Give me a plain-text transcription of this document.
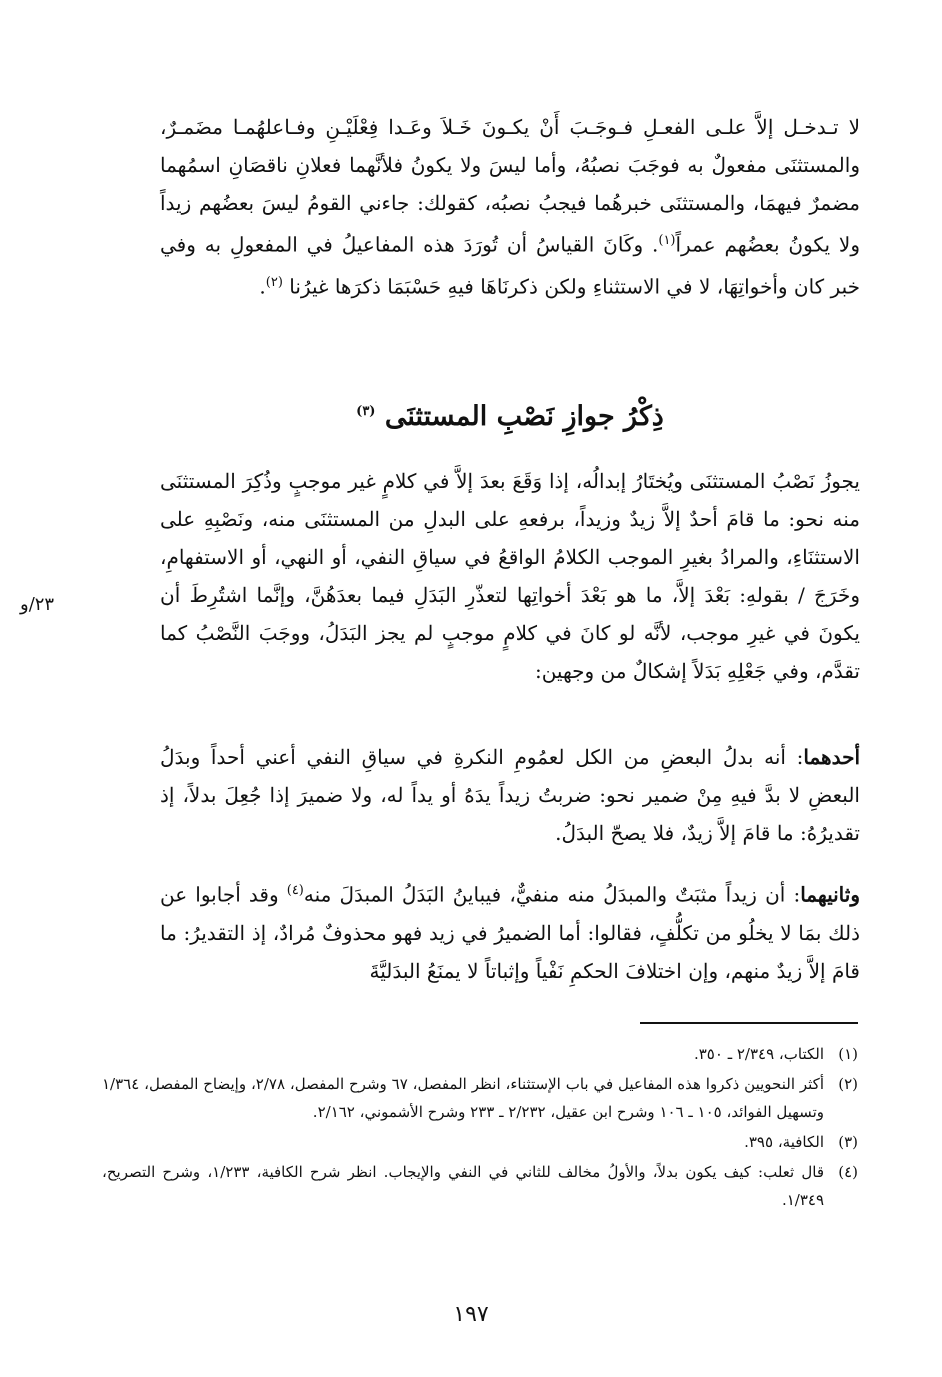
لا تـدخـل إلاَّ علـى الفعـلِ فـوجَـبَ أَنْ يكـونَ خَـلاَ وعَـدا فِعْلَيْـنِ وفـاعلهُمـا مضَمـرٌ، والمستثنَى مفعولٌ به فوجَبَ نصبُهُ، وأما ليسَ ولا يكونُ فلأنَّهما فعلانِ ناقصَانِ اسمُهما مضمرٌ فيهمَا، والمستثنَى خبرهُما فيجبُ نصبُه، كقولك: جاءني القومُ ليسَ بعضُهم زيداً ولا يكونُ بعضُهم عمراً$^{(١)}$. وكَانَ القياسُ أن تُورَدَ هذه المفاعيلُ في المفعولِ به وفي خبر كان وأخواتِهَا، لا في الاستثناءِ ولكن ذكرنَاهَا فيهِ حَسْبَمَا ذكرَها غيرُنا $^{(٢)}$.

ذِكْرُ جوازِ نَصْبِ المستثنَى $^{(٣)}$

يجوزُ نَصْبُ المستثنَى ويُختَارُ إبدالُه، إذا وَقَعَ بعدَ إلاَّ في كلامٍ غير موجبٍ وذُكِرَ المستثنَى منه نحو: ما قامَ أحدٌ إلاَّ زيدٌ وزيداً، برفعهِ على البدلِ من المستثنَى منه، ونَصْبِهِ على الاستثنَاءِ، والمرادُ بغيرِ الموجب الكلامُ الواقعُ في سياقِ النفي، أو النهي، أو الاستفهامِ، وخَرَجَ / بقولهِ: بَعْدَ إلاَّ، ما هو بَعْدَ أخواتِها لتعذّرِ البَدَلِ فيما بعدَهُنَّ، وإنَّما اشتُرِطَ أن يكونَ في غيرِ موجب، لأنَّه لو كانَ في كلامٍ موجبٍ لم يجز البَدَلُ، ووجَبَ النَّصْبُ كما تقدَّم، وفي جَعْلِهِ بَدَلاً إشكالٌ من وجهين:

٢٣/و

أحدهما: أنه بدلُ البعضِ من الكل لعمُومِ النكرةِ في سياقِ النفي أعني أحداً وبدَلُ البعضِ لا بدَّ فيهِ مِنْ ضمير نحو: ضربتُ زيداً يدَهُ أو يداً له، ولا ضميرَ إذا جُعِلَ بدلاً، إذ تقديرُهُ: ما قامَ إلاَّ زيدٌ، فلا يصحّ البدَلُ.

وثانيهما: أن زيداً مثبَتٌ والمبدَلُ منه منفيٌّ، فيباينُ البَدَلُ المبدَلَ منه$^{(٤)}$ وقد أجابوا عن ذلك بمَا لا يخلُو من تكلُّفٍ، فقالوا: أما الضميرُ في زيد فهو محذوفٌ مُرادٌ، إذ التقديرُ: ما قامَ إلاَّ زيدٌ منهم، وإن اختلافَ الحكمِ نَفْياً وإثباتاً لا يمنَعُ البدَليَّةَ

(١)
الكتاب، ٢/٣٤٩ ـ ٣٥٠.
(٢)
أكثر النحويين ذكروا هذه المفاعيل في باب الإستثناء، انظر المفصل، ٦٧ وشرح المفصل، ٢/٧٨، وإيضاح المفصل، ١/٣٦٤ وتسهيل الفوائد، ١٠٥ ـ ١٠٦ وشرح ابن عقيل، ٢/٢٣٢ ـ ٢٣٣ وشرح الأشموني، ٢/١٦٢.
(٣)
الكافية، ٣٩٥.
(٤)
قال ثعلب: كيف يكون بدلاً، والأولُ مخالف للثاني في النفي والإيجاب. انظر شرح الكافية، ١/٢٣٣، وشرح التصريح، ١/٣٤٩.
١٩٧
